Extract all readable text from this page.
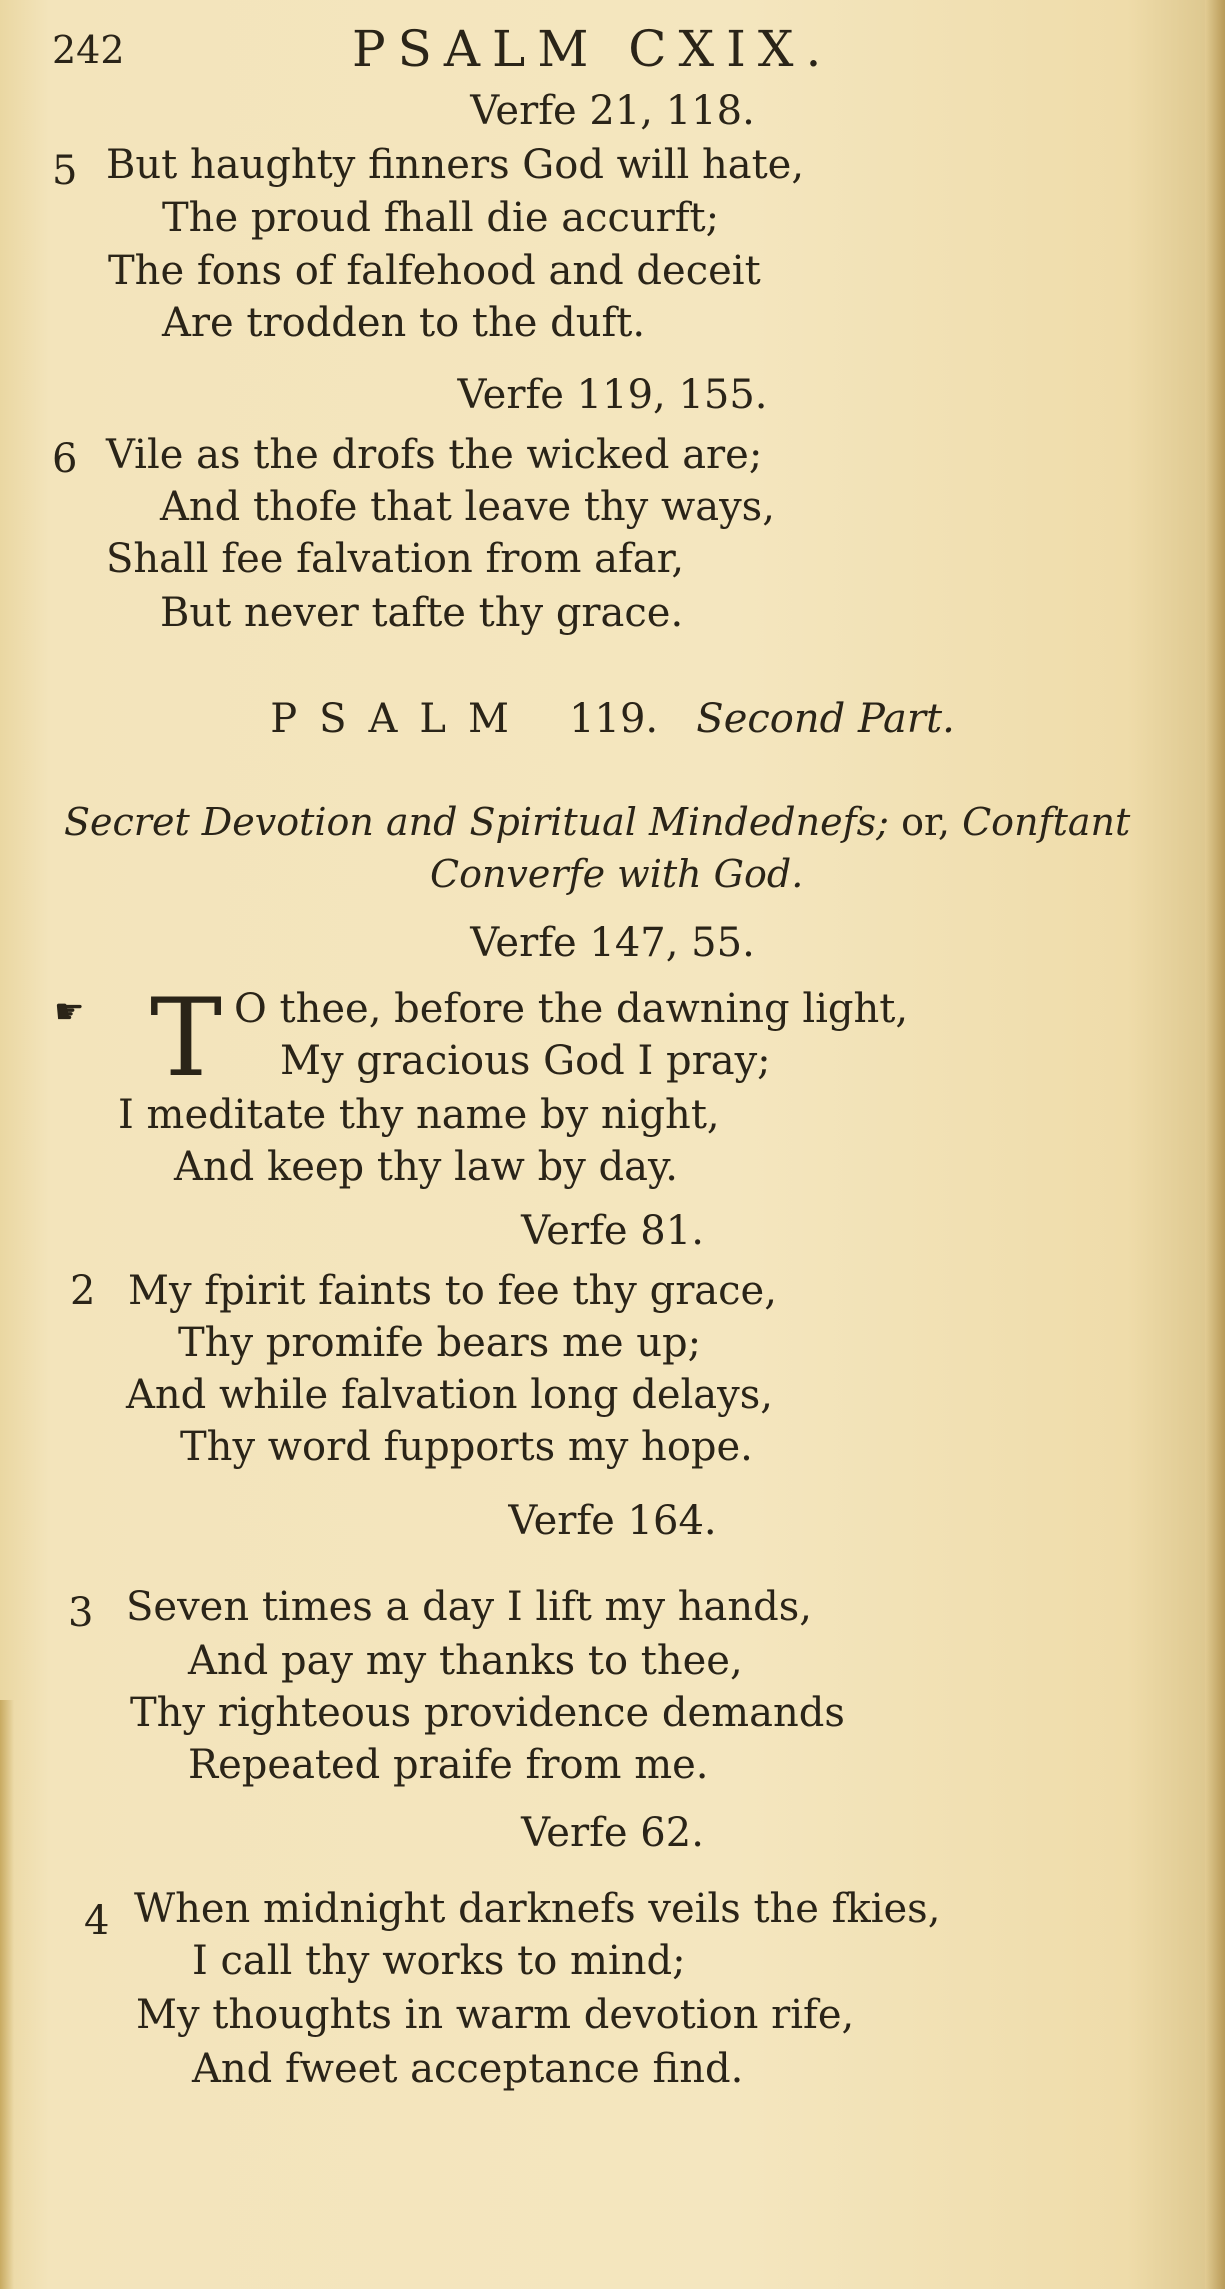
242	PSALM CXIX.
Verfe 21, 118.
5 But haughty finners God will hate,
The proud fhall die accurft;
The fons of falfehood and deceit
Are trodden to the duft.
Verfe 119, 155.
6 Vile as the drofs the wicked are;
And thofe that leave thy ways,
Shall fee falvation from afar,
But never tafte thy grace.
PSALM 119. Second Part.
Secret Devotion and Spiritual Mindednefs; or, Conftant
Converfe with God.
Verfe 147, 55.
☛ T O thee, before the dawning light,
My gracious God I pray;
I meditate thy name by night,
And keep thy law by day.
Verfe 81.
2 My fpirit faints to fee thy grace,
Thy promife bears me up;
And while falvation long delays,
Thy word fupports my hope.
Verfe 164.
3 Seven times a day I lift my hands,
And pay my thanks to thee,
Thy righteous providence demands
Repeated praife from me.
Verfe 62.
4 When midnight darknefs veils the fkies,
I call thy works to mind;
My thoughts in warm devotion rife,
And fweet acceptance find.
